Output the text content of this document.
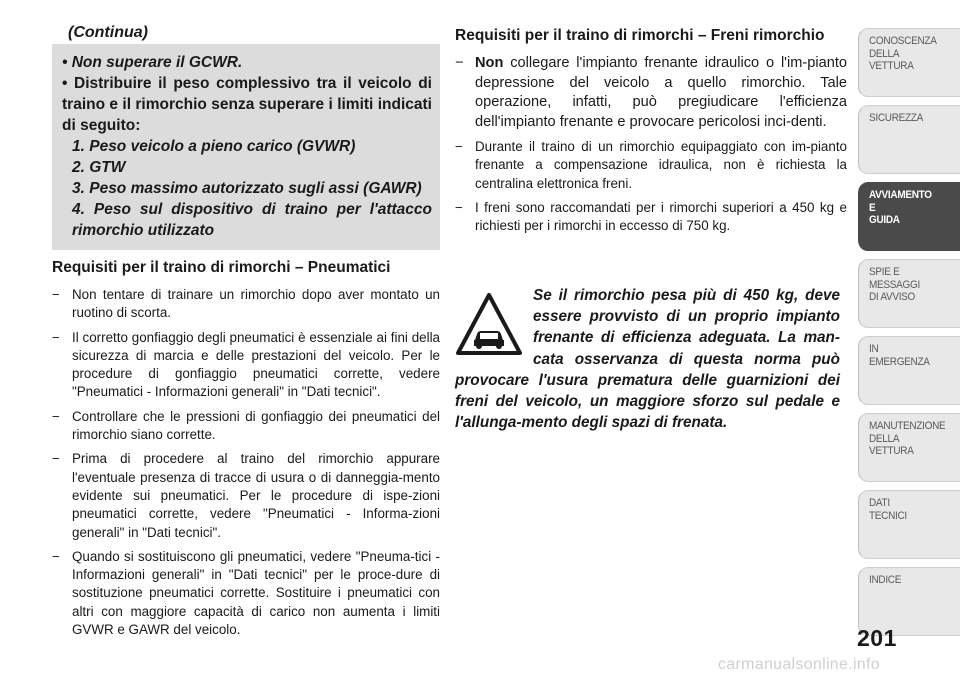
(Continua)
• Non superare il GCWR.
• Distribuire il peso complessivo tra il veicolo di traino e il rimorchio senza superare i limiti indicati di seguito:
1. Peso veicolo a pieno carico (GVWR)
2. GTW
3. Peso massimo autorizzato sugli assi (GAWR)
4. Peso sul dispositivo di traino per l'attacco rimorchio utilizzato
Requisiti per il traino di rimorchi – Pneumatici
− Non tentare di trainare un rimorchio dopo aver montato un ruotino di scorta.
− Il corretto gonfiaggio degli pneumatici è essenziale ai fini della sicurezza di marcia e delle prestazioni del veicolo. Per le procedure di gonfiaggio pneumatici corrette, vedere "Pneumatici - Informazioni generali" in "Dati tecnici".
− Controllare che le pressioni di gonfiaggio dei pneumatici del rimorchio siano corrette.
− Prima di procedere al traino del rimorchio appurare l'eventuale presenza di tracce di usura o di danneggia-mento evidente sui pneumatici. Per le procedure di ispe-zioni pneumatici corrette, vedere "Pneumatici - Informa-zioni generali" in "Dati tecnici".
− Quando si sostituiscono gli pneumatici, vedere "Pneuma-tici - Informazioni generali" in "Dati tecnici" per le proce-dure di sostituzione pneumatici corrette. Sostituire i pneumatici con altri con maggiore capacità di carico non aumenta i limiti GVWR e GAWR del veicolo.
Requisiti per il traino di rimorchi – Freni rimorchio
− Non collegare l'impianto frenante idraulico o l'im-pianto depressione del veicolo a quello rimorchio. Tale operazione, infatti, può pregiudicare l'efficienza dell'impianto frenante e provocare pericolosi inci-denti.
− Durante il traino di un rimorchio equipaggiato con im-pianto frenante a compensazione idraulica, non è richiesta la centralina elettronica freni.
− I freni sono raccomandati per i rimorchi superiori a 450 kg e richiesti per i rimorchi in eccesso di 750 kg.
Se il rimorchio pesa più di 450 kg, deve essere provvisto di un proprio impianto frenante di efficienza adeguata. La man-cata osservanza di questa norma può provocare l'usura prematura delle guarnizioni dei freni del veicolo, un maggiore sforzo sul pedale e l'allunga-mento degli spazi di frenata.
CONOSCENZA
DELLA
VETTURA
SICUREZZA
AVVIAMENTO
E
GUIDA
SPIE E
MESSAGGI
DI AVVISO
IN
EMERGENZA
MANUTENZIONE
DELLA
VETTURA
DATI
TECNICI
INDICE
201
carmanualsonline.info
